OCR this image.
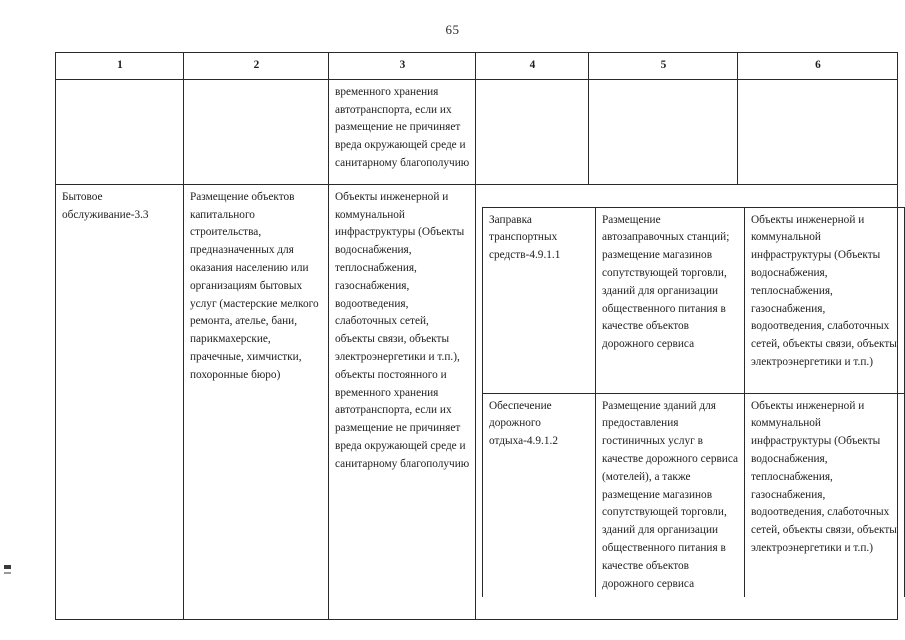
65
1	2	3	4	5	6
		временного хранения автотранспорта, если их размещение не причиняет вреда окружающей среде и санитарному благополучию			
Бытовое обслуживание-3.3	Размещение объектов капитального строительства, предназначенных для оказания населению или организациям бытовых услуг (мастерские мелкого ремонта, ателье, бани, парикмахерские, прачечные, химчистки, похоронные бюро)	Объекты инженерной и коммунальной инфраструктуры (Объекты водоснабжения, теплоснабжения, газоснабжения, водоотведения, слаботочных сетей, объекты связи, объекты электроэнергетики и т.п.), объекты постоянного и временного хранения автотранспорта, если их размещение не причиняет вреда окружающей среде и санитарному благополучию	

Заправка транспортных средств-4.9.1.1	Размещение автозаправочных станций; размещение магазинов сопутствующей торговли, зданий для организации общественного питания в качестве объектов дорожного сервиса	Объекты инженерной и коммунальной инфраструктуры (Объекты водоснабжения, теплоснабжения, газоснабжения, водоотведения, слаботочных сетей, объекты связи, объекты электроэнергетики и т.п.)
Обеспечение дорожного отдыха-4.9.1.2	Размещение зданий для предоставления гостиничных услуг в качестве дорожного сервиса (мотелей), а также размещение магазинов сопутствующей торговли, зданий для организации общественного питания в качестве объектов дорожного сервиса	Объекты инженерной и коммунальной инфраструктуры (Объекты водоснабжения, теплоснабжения, газоснабжения, водоотведения, слаботочных сетей, объекты связи, объекты электроэнергетики и т.п.)
